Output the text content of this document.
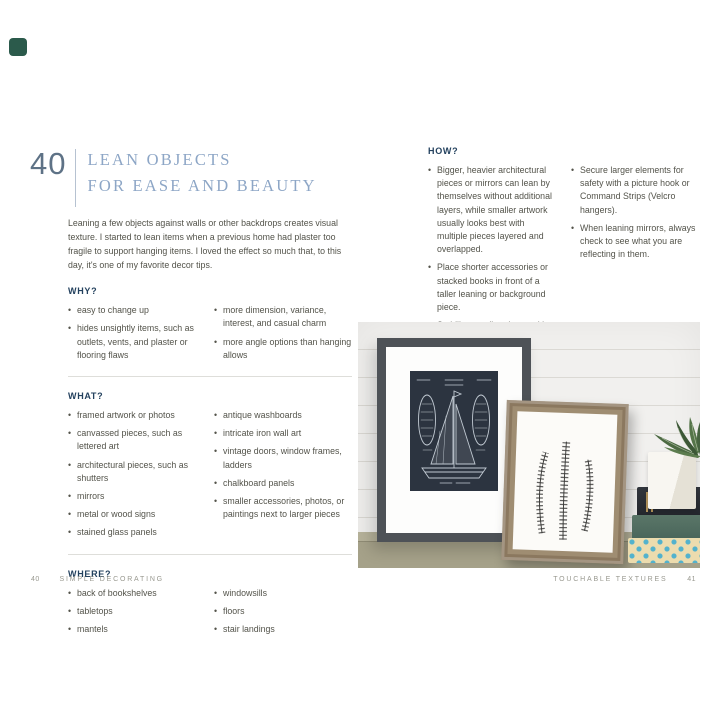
40 LEAN OBJECTS
FOR EASE AND BEAUTY

Leaning a few objects against walls or other backdrops creates visual texture. I started to lean items when a previous home had plaster too fragile to support hanging items. I loved the effect so much that, to this day, it's one of my favorite decor tips.

WHY?
• easy to change up
• hides unsightly items, such as outlets, vents, and plaster or flooring flaws
• more dimension, variance, interest, and casual charm
• more angle options than hanging allows
WHAT?
• framed artwork or photos
• canvassed pieces, such as lettered art
• architectural pieces, such as shutters
• mirrors
• metal or wood signs
• stained glass panels
• antique washboards
• intricate iron wall art
• vintage doors, window frames, ladders
• chalkboard panels
• smaller accessories, photos, or paintings next to larger pieces
WHERE?
• back of bookshelves
• tabletops
• mantels
• windowsills
• floors
• stair landings
HOW?
• Bigger, heavier architectural pieces or mirrors can lean by themselves without additional layers, while smaller artwork usually looks best with multiple pieces layered and overlapped.
• Place shorter accessories or stacked books in front of a taller leaning or background piece.
•
• Secure larger elements for safety with a picture hook or Command Strips (Velcro hangers).
• When leaning mirrors, always check to see what you are reflecting in them.
40	SIMPLE DECORATING	TOUCHABLE TEXTURES	41
